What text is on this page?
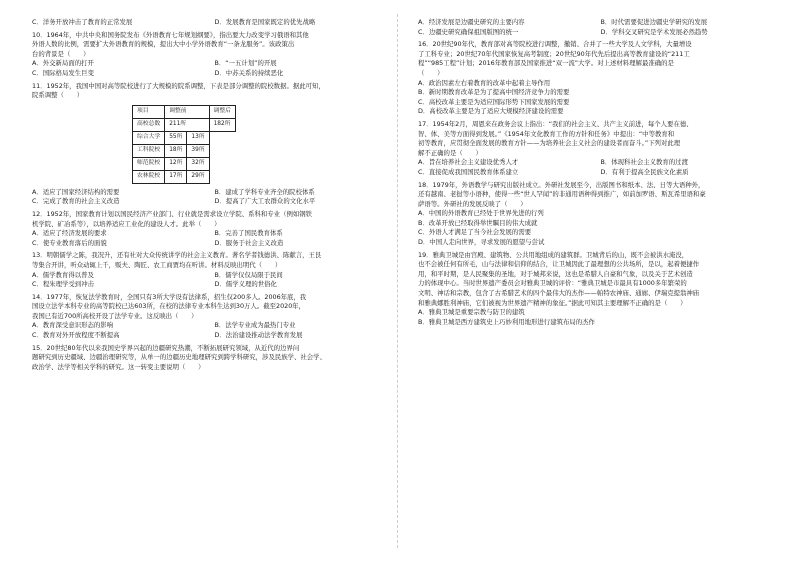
C．洋务开放冲击了教育的正常发展	D．发展教育是国家既定的优先战略
10．1964年，中共中央和国务院发布《外语教育七年规划纲要》，指出要大力改变学习俄语和其他
外语人数的比例，需要扩大外语教育的规模，提出大中小学外语教育“一条龙服务”。该政策出
台的背景是（　　）
A．外交新局面的打开	B．“一五计划”的开展
C．国际格局发生巨变	D．中苏关系的持续恶化
11．1952年，我国中国对高等院校进行了大规模的院系调整，下表是部分调整的院校数据。据此可知，
院系调整（　　）
项目	调整前		调整后
高校总数	211所		182所
综合大学	55所	13所	
工科院校	18所	39所	
师范院校	12所	32所	
农林院校	17所	29所	
A．适应了国家经济结构的需要	B．建成了学科专业齐全的院校体系
C．完成了教育的社会主义改造	D．提高了广大工农群众的文化水平
12．1952年，国家教育计划以国民经济产业部门、行业就是需求设立学院、系科和专业（例如钢铁
机学院、矿冶系等），以培养适应工业化的建设人才。此举（　　）
A．适应了经济发展的要求	B．完善了国民教育体系
C．使专业教育落后的面貌	D．服务于社会主义改造
13．明朝儒学之陈，我况升，还有社对大众传统讲学的社会主义教育。著名学者钱德洪、陈献言，王艮
等集合开讲，听众动辄上千，贩夫、陶匠、农工商贾均在听讲。材料反映出明代（　　）
A．儒学教育得以普及	B．儒学仅仅局限于民间
C．程朱理学受到冲击	D．儒学义理的世俗化
14．1977年，恢复法学教育时，全国只有3所大学设有法律系，招生仅200多人。2006年底，我
国设立法学本科专业的高等院校已达603所，在校的法律专业本科生达到30万人。截至2020年，
我国已有近700所高校开设了法学专业。这反映出（　　）
A．教育深受意识形态的影响	B．法学专业成为最热门专业
C．教育对外开放程度不断提高	D．法治建设推动法学教育发展
15．20世纪80年代以来我国史学界兴起的边疆研究热潮，不断拓展研究领域，从近代的边界问
题研究到历史疆域、边疆治理研究等，从单一的边疆历史地理研究到跨学科研究，涉及民族学、社会学、
政治学、法学等相关学科的研究。这一转变主要说明（　　）
A．经济发展是边疆史研究的主要内容	B．时代需要促进边疆史学研究的发展
C．边疆史研究确保祖国版图的统一	D．学科交叉研究是学术发展必然趋势
16．20世纪90年代，教育部对高等院校进行调整，撤销、合并了一些大学及人文学科，大量增设
了工科专业；20世纪70年代国家恢复高考制度；20世纪90年代先后提出高等教育建设的“211工
程”“985工程”计划；2016年教育部及国家推进“双一流”大学。对上述材料理解最准确的是
（　　）
A．政治因素左右着教育的改革中起着主导作用
B．新时期教育改革是为了提高中国经济竞争力的需要
C．高校改革主要是为适应国际形势下国家发展的需要
D．高校改革主要是为了适应大规模经济建设的需要
17．1954年2月，周恩来在政务会议上指出：“我们的社会主义、共产主义前进，每个人要在德、
智、体、美等方面得到发展。”《1954年文化教育工作的方针和任务》中提出：“中等教育和
初等教育，应贯彻全面发展的教育方针——为培养社会主义社会的建设者而奋斗。”下列对此理
解不正确的是（　　）
A．旨在培养社会主义建设优秀人才	B．体现科社会主义教育的过渡
C．直接促成我国国民教育体系建立	D．有利于提高全民族文化素质
18．1979年，外语教学与研究出版社成立。外研社发展至今，出版图书和纸本、法、日等大语种外，
还有越南、老挝等小语种，使得一些“世人罕闻”的非通用语种得到推广，如前加罗语、斯瓦希里语和豪
萨语等。外研社的发展反映了（　　）
A．中国的外语教育已经处于世界先进的行列
B．改革开放已经取得举世瞩目的伟大成就
C．外语人才满足了当今社会发展的需要
D．中国人走向世界，寻求发展的愿望与尝试
19．雅典卫城是由宫殿、建筑物、公共用地组成的建筑群。卫城背后的山，既不会被洪水淹没，
也不会被任何有所毛，山与法律和信仰的结合，让卫城因此了最理想的公共场所，是以，起着便捷作
用，和平时期，是人民聚集的圣地，对于城邦来说，这也是希腊人自豪和气象，以及关于艺术创造
力的体现中心。当时世界遗产委员会对雅典卫城的评价：“雅典卫城是市最具有1000多年繁荣的
文明、神话和宗教，包含了古希腊艺术的四个最伟大的杰作——帕特农神庙、通廊、伊瑞克提翁神庙
和雅典娜胜利神庙，它们被视为世界遗产精神的象征。”据此可知其主要理解不正确的是（　　）
A．雅典卫城是重要宗教与防卫的建筑
B．雅典卫城是西方建筑史上巧妙利用地形进行建筑布局的杰作
